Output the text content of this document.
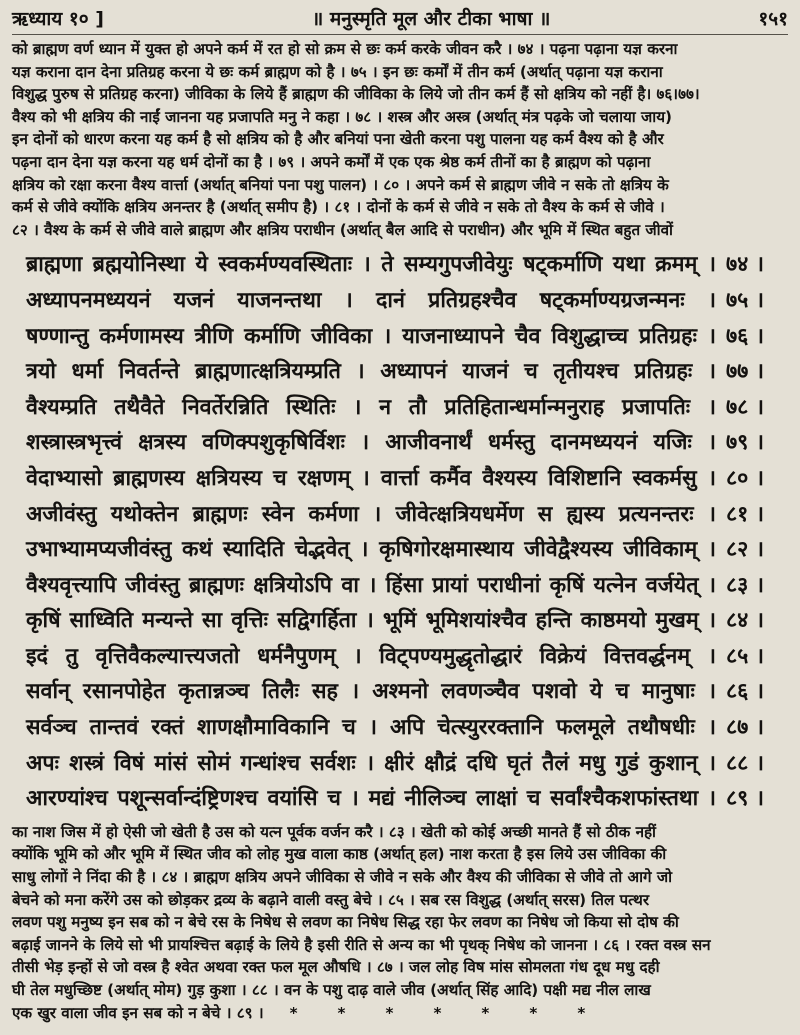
ऋध्याय १० ]	॥ मनुस्मृति मूल और टीका भाषा ॥	१५१

को ब्राह्मण वर्ण ध्यान में युक्त हो अपने कर्म में रत हो सो क्रम से छः कर्म करके जीवन करै । ७४ । पढ़ना पढ़ाना यज्ञ करना

यज्ञ कराना दान देना प्रतिग्रह करना ये छः कर्म ब्राह्मण को है । ७५ । इन छः कर्मों में तीन कर्म (अर्थात् पढ़ाना यज्ञ कराना

विशुद्ध पुरुष से प्रतिग्रह करना) जीविका के लिये हैं ब्राह्मण की जीविका के लिये जो तीन कर्म हैं सो क्षत्रिय को नहीं है। ७६।७७।

वैश्य को भी क्षत्रिय की नाईं जानना यह प्रजापति मनु ने कहा । ७८ । शस्त्र और अस्त्र (अर्थात् मंत्र पढ़के जो चलाया जाय)

इन दोनों को धारण करना यह कर्म है सो क्षत्रिय को है और बनियां पना खेती करना पशु पालना यह कर्म वैश्य को है और

पढ़ना दान देना यज्ञ करना यह धर्म दोनों का है । ७९ । अपने कर्मों में एक एक श्रेष्ठ कर्म तीनों का है ब्राह्मण को पढ़ाना

क्षत्रिय को रक्षा करना वैश्य वार्त्ता (अर्थात् बनियां पना पशु पालन) । ८० । अपने कर्म से ब्राह्मण जीवे न सके तो क्षत्रिय के

कर्म से जीवे क्योंकि क्षत्रिय अनन्तर है (अर्थात् समीप है) । ८१ । दोनों के कर्म से जीवे न सके तो वैश्य के कर्म से जीवे ।

८२ । वैश्य के कर्म से जीवे वाले ब्राह्मण और क्षत्रिय पराधीन (अर्थात् बैल आदि से पराधीन) और भूमि में स्थित बहुत जीवों

ब्राह्मणा ब्रह्मयोनिस्था ये स्वकर्मण्यवस्थिताः । ते सम्यगुपजीवेयुः षट्कर्माणि यथा क्रमम् । ७४ ।
अध्यापनमध्ययनं यजनं याजनन्तथा । दानं प्रतिग्रहश्चैव षट्कर्माण्यग्रजन्मनः । ७५ ।
षण्णान्तु कर्मणामस्य त्रीणि कर्माणि जीविका । याजनाध्यापने चैव विशुद्धाच्च प्रतिग्रहः । ७६ ।
त्रयो धर्मा निवर्तन्ते ब्राह्मणात्क्षत्रियम्प्रति । अध्यापनं याजनं च तृतीयश्च प्रतिग्रहः । ७७ ।
वैश्यम्प्रति तथैवैते निवर्तेरन्निति स्थितिः । न तौ प्रतिहितान्धर्मान्मनुराह प्रजापतिः । ७८ ।
शस्त्रास्त्रभृत्त्वं क्षत्रस्य वणिक्पशुकृषिर्विशः । आजीवनार्थं धर्मस्तु दानमध्ययनं यजिः । ७९ ।
वेदाभ्यासो ब्राह्मणस्य क्षत्रियस्य च रक्षणम् । वार्त्ता कर्मैव वैश्यस्य विशिष्टानि स्वकर्मसु । ८० ।
अजीवंस्तु यथोक्तेन ब्राह्मणः स्वेन कर्मणा । जीवेत्क्षत्रियधर्मेण स ह्यस्य प्रत्यनन्तरः । ८१ ।
उभाभ्यामप्यजीवंस्तु कथं स्यादिति चेद्भवेत् । कृषिगोरक्षमास्थाय जीवेद्वैश्यस्य जीविकाम् । ८२ ।
वैश्यवृत्त्यापि जीवंस्तु ब्राह्मणः क्षत्रियोऽपि वा । हिंसा प्रायां पराधीनां कृषिं यत्नेन वर्जयेत् । ८३ ।
कृषिं साध्विति मन्यन्ते सा वृत्तिः सद्विगर्हिता । भूमिं भूमिशयांश्चैव हन्ति काष्ठमयो मुखम् । ८४ ।
इदं तु वृत्तिवैकल्यात्त्यजतो धर्मनैपुणम् । विट्पण्यमुद्धृतोद्धारं विक्रेयं वित्तवर्द्धनम् । ८५ ।
सर्वान् रसानपोहेत कृतान्नञ्च तिलैः सह । अश्मनो लवणञ्चैव पशवो ये च मानुषाः । ८६ ।
सर्वञ्च तान्तवं रक्तं शाणक्षौमाविकानि च । अपि चेत्स्युररक्तानि फलमूले तथौषधीः । ८७ ।
अपः शस्त्रं विषं मांसं सोमं गन्धांश्च सर्वशः । क्षीरं क्षौद्रं दधि घृतं तैलं मधु गुडं कुशान् । ८८ ।
आरण्यांश्च पशून्सर्वान्दंष्ट्रिणश्च वयांसि च । मद्यं नीलिञ्च लाक्षां च सर्वांश्चैकशफांस्तथा । ८९ ।

का नाश जिस में हो ऐसी जो खेती है उस को यत्न पूर्वक वर्जन करै । ८३ । खेती को कोई अच्छी मानते हैं सो ठीक नहीं

क्योंकि भूमि को और भूमि में स्थित जीव को लोह मुख वाला काष्ठ (अर्थात् हल) नाश करता है इस लिये उस जीविका की

साधु लोगों ने निंदा की है । ८४ । ब्राह्मण क्षत्रिय अपने जीविका से जीवे न सके और वैश्य की जीविका से जीवे तो आगे जो

बेचने को मना करेंगे उस को छोड़कर द्रव्य के बढ़ाने वाली वस्तु बेचे । ८५ । सब रस विशुद्ध (अर्थात् सरस) तिल पत्थर

लवण पशु मनुष्य इन सब को न बेचे रस के निषेध से लवण का निषेध सिद्ध रहा फेर लवण का निषेध जो किया सो दोष की

बढ़ाई जानने के लिये सो भी प्रायश्चित्त बढ़ाई के लिये है इसी रीति से अन्य का भी पृथक् निषेध को जानना । ८६ । रक्त वस्त्र सन

तीसी भेड़ इन्हों से जो वस्त्र है श्वेत अथवा रक्त फल मूल औषधि । ८७ । जल लोह विष मांस सोमलता गंध दूध मधु दही

घी तेल मधुच्छिष्ट (अर्थात् मोम) गुड़ कुशा । ८८ । वन के पशु दाढ़ वाले जीव (अर्थात् सिंह आदि) पक्षी मद्य नील लाख

एक खुर वाला जीव इन सब को न बेचे । ८९ । *	*	*	*	*	*	*
